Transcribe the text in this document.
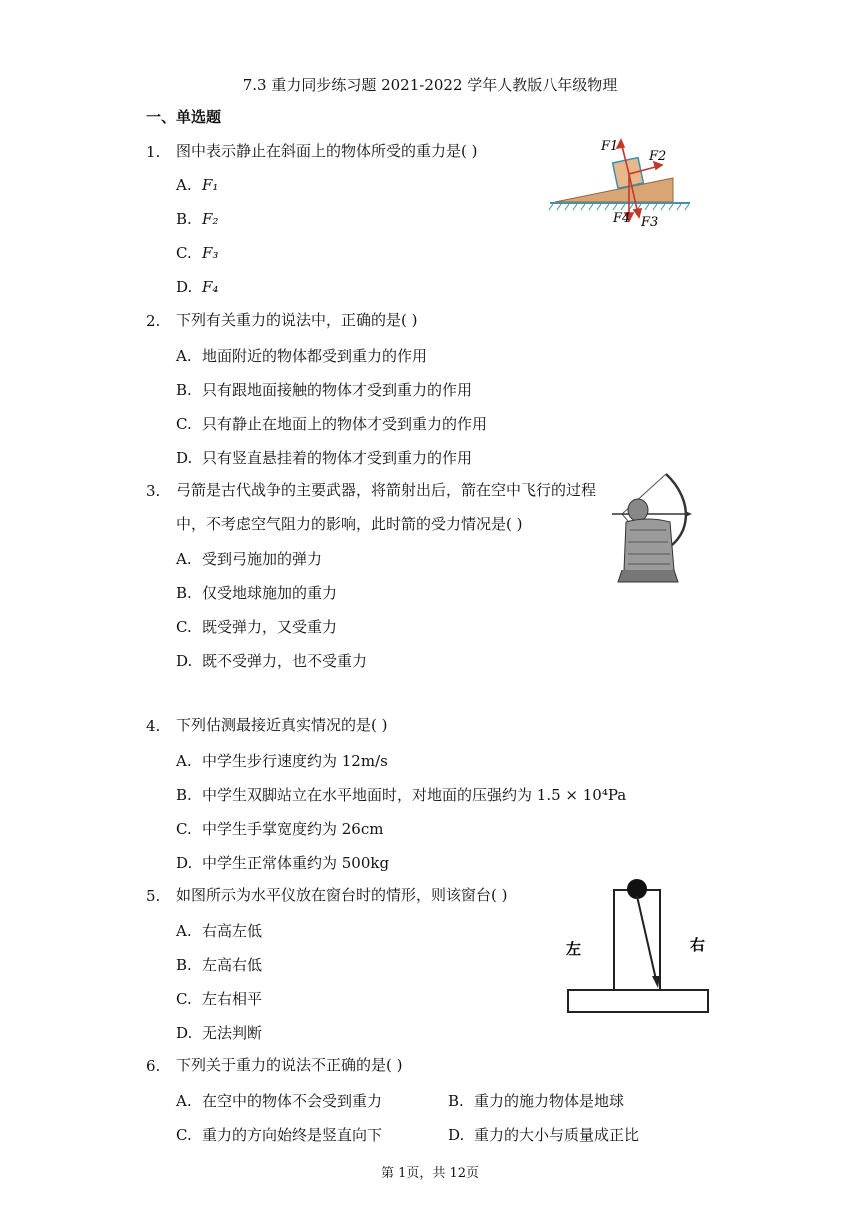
7.3 重力同步练习题 2021-2022 学年人教版八年级物理
一、单选题
1.	图中表示静止在斜面上的物体所受的重力是( )
A. F₁
B. F₂
C. F₃
D. F₄
F1
F2
F4 F3
2.	下列有关重力的说法中，正确的是( )
A. 地面附近的物体都受到重力的作用
B. 只有跟地面接触的物体才受到重力的作用
C. 只有静止在地面上的物体才受到重力的作用
D. 只有竖直悬挂着的物体才受到重力的作用
3.	弓箭是古代战争的主要武器，将箭射出后，箭在空中飞行的过程
中，不考虑空气阻力的影响，此时箭的受力情况是( )
A. 受到弓施加的弹力
B. 仅受地球施加的重力
C. 既受弹力，又受重力
D. 既不受弹力，也不受重力
4.	下列估测最接近真实情况的是( )
A. 中学生步行速度约为 12m/s
B. 中学生双脚站立在水平地面时，对地面的压强约为 1.5 × 10⁴Pa
C. 中学生手掌宽度约为 26cm
D. 中学生正常体重约为 500kg
5.	如图所示为水平仪放在窗台时的情形，则该窗台( )
A. 右高左低
B. 左高右低
C. 左右相平
D. 无法判断
左	右
6.	下列关于重力的说法不正确的是( )
A. 在空中的物体不会受到重力	B. 重力的施力物体是地球
C. 重力的方向始终是竖直向下	D. 重力的大小与质量成正比
第 1页，共 12页
